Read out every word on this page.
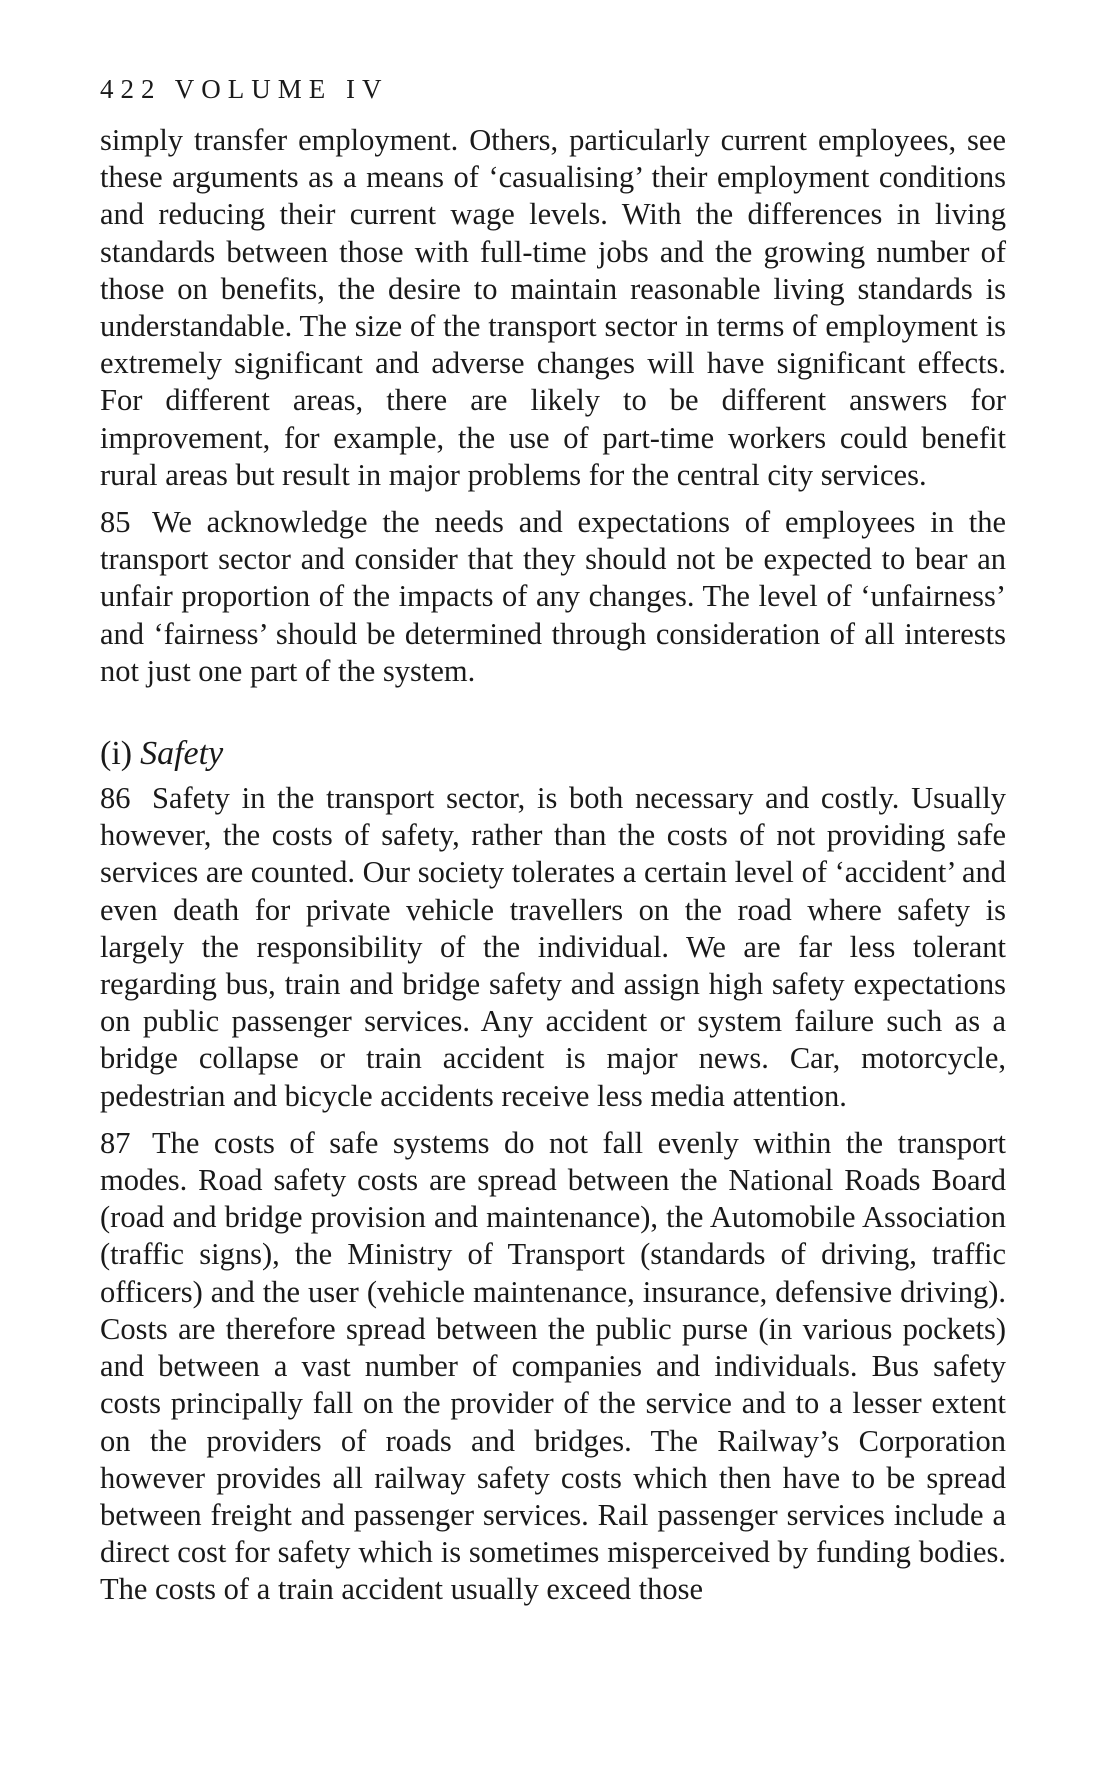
422 VOLUME IV

simply transfer employment. Others, particularly current employees, see these arguments as a means of ‘casualising’ their employment conditions and reducing their current wage levels. With the differences in living standards between those with full-time jobs and the growing number of those on benefits, the desire to maintain reasonable living standards is understandable. The size of the transport sector in terms of employment is extremely significant and adverse changes will have significant effects. For different areas, there are likely to be different answers for improvement, for example, the use of part-time workers could benefit rural areas but result in major problems for the central city services.

85 We acknowledge the needs and expectations of employees in the transport sector and consider that they should not be expected to bear an unfair proportion of the impacts of any changes. The level of ‘unfairness’ and ‘fairness’ should be determined through consideration of all interests not just one part of the system.

(i) Safety

86 Safety in the transport sector, is both necessary and costly. Usually however, the costs of safety, rather than the costs of not providing safe services are counted. Our society tolerates a certain level of ‘accident’ and even death for private vehicle travellers on the road where safety is largely the responsibility of the individual. We are far less tolerant regarding bus, train and bridge safety and assign high safety expectations on public passenger services. Any accident or system failure such as a bridge collapse or train accident is major news. Car, motorcycle, pedestrian and bicycle accidents receive less media attention.

87 The costs of safe systems do not fall evenly within the transport modes. Road safety costs are spread between the National Roads Board (road and bridge provision and maintenance), the Automobile Association (traffic signs), the Ministry of Transport (standards of driving, traffic officers) and the user (vehicle maintenance, insurance, defensive driving). Costs are therefore spread between the public purse (in various pockets) and between a vast number of companies and individuals. Bus safety costs principally fall on the provider of the service and to a lesser extent on the providers of roads and bridges. The Railway’s Corporation however provides all railway safety costs which then have to be spread between freight and passenger services. Rail passenger services include a direct cost for safety which is sometimes misperceived by funding bodies. The costs of a train accident usually exceed those
